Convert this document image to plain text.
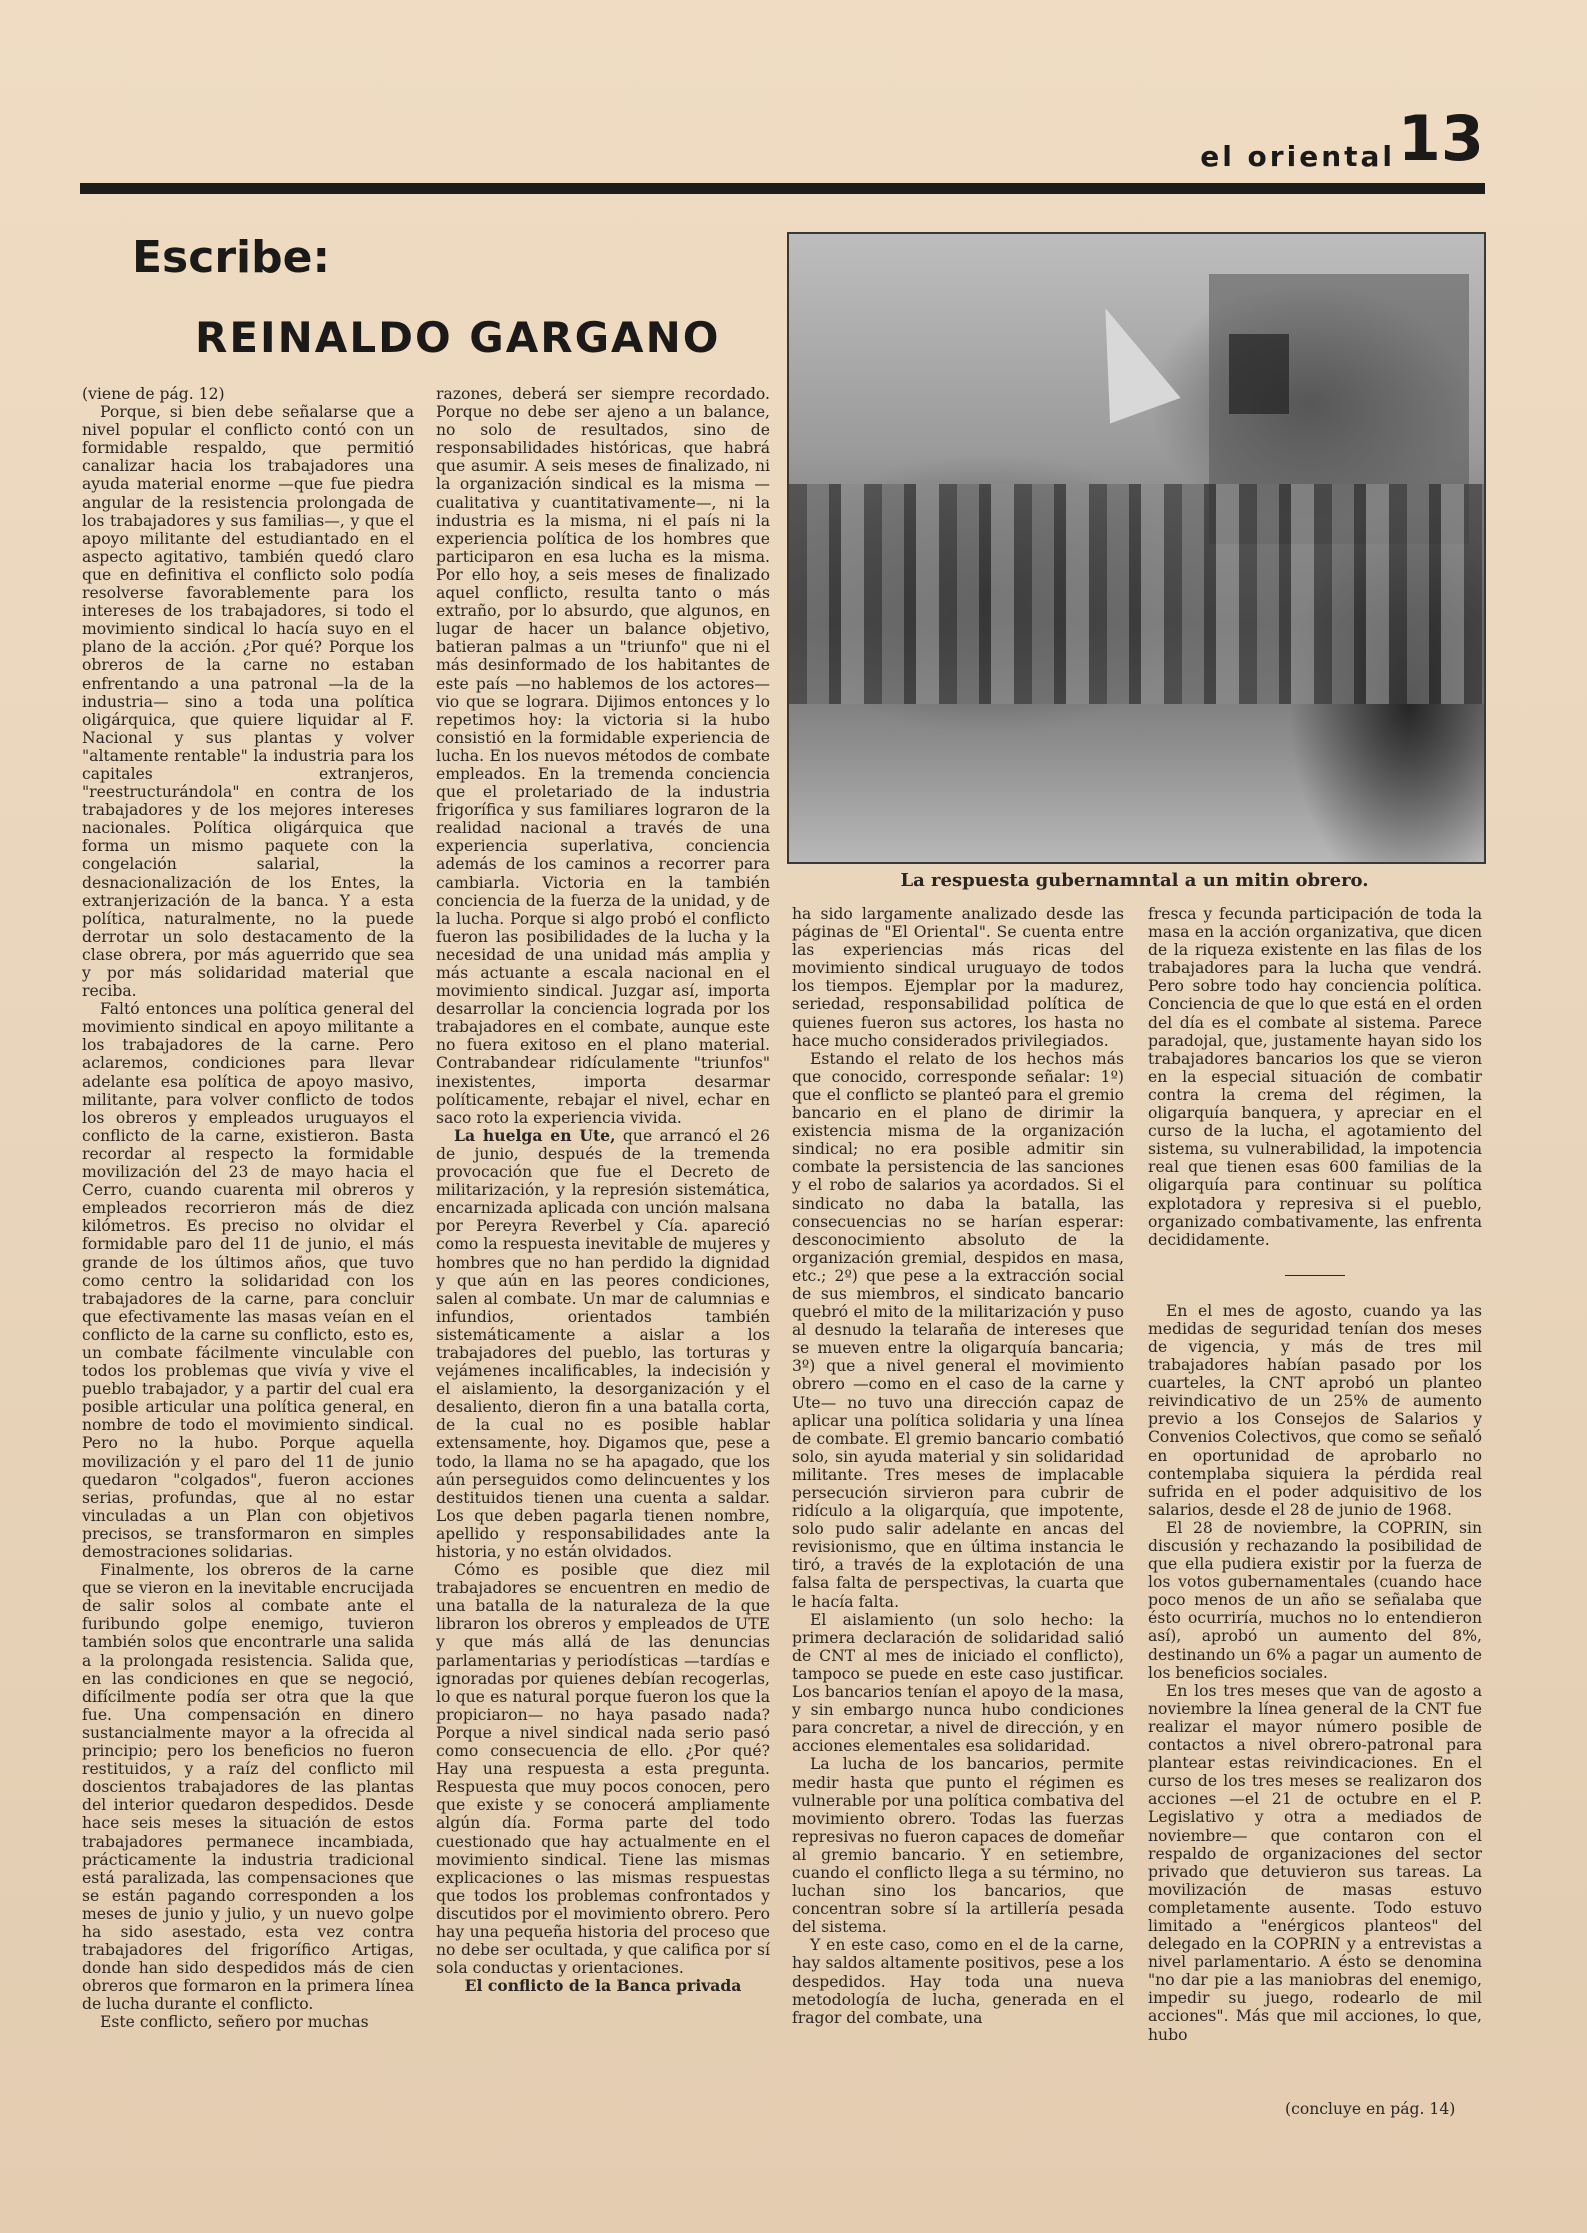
el oriental 13
Escribe:
REINALDO GARGANO
La respuesta gubernamntal a un mitin obrero.

(viene de pág. 12)

Porque, si bien debe señalarse que a nivel popular el conflicto contó con un formidable respaldo, que permitió canalizar hacia los trabajadores una ayuda material enorme —que fue piedra angular de la resistencia prolongada de los trabajadores y sus familias—, y que el apoyo militante del estudiantado en el aspecto agitativo, también quedó claro que en definitiva el conflicto solo podía resolverse favorablemente para los intereses de los trabajadores, si todo el movimiento sindical lo hacía suyo en el plano de la acción. ¿Por qué? Porque los obreros de la carne no estaban enfrentando a una patronal —la de la industria— sino a toda una política oligárquica, que quiere liquidar al F. Nacional y sus plantas y volver "altamente rentable" la industria para los capitales extranjeros, "reestructurándola" en contra de los trabajadores y de los mejores intereses nacionales. Política oligárquica que forma un mismo paquete con la congelación salarial, la desnacionalización de los Entes, la extranjerización de la banca. Y a esta política, naturalmente, no la puede derrotar un solo destacamento de la clase obrera, por más aguerrido que sea y por más solidaridad material que reciba.

Faltó entonces una política general del movimiento sindical en apoyo militante a los trabajadores de la carne. Pero aclaremos, condiciones para llevar adelante esa política de apoyo masivo, militante, para volver conflicto de todos los obreros y empleados uruguayos el conflicto de la carne, existieron. Basta recordar al respecto la formidable movilización del 23 de mayo hacia el Cerro, cuando cuarenta mil obreros y empleados recorrieron más de diez kilómetros. Es preciso no olvidar el formidable paro del 11 de junio, el más grande de los últimos años, que tuvo como centro la solidaridad con los trabajadores de la carne, para concluir que efectivamente las masas veían en el conflicto de la carne su conflicto, esto es, un combate fácilmente vinculable con todos los problemas que vivía y vive el pueblo trabajador, y a partir del cual era posible articular una política general, en nombre de todo el movimiento sindical. Pero no la hubo. Porque aquella movilización y el paro del 11 de junio quedaron "colgados", fueron acciones serias, profundas, que al no estar vinculadas a un Plan con objetivos precisos, se transformaron en simples demostraciones solidarias.

Finalmente, los obreros de la carne que se vieron en la inevitable encrucijada de salir solos al combate ante el furibundo golpe enemigo, tuvieron también solos que encontrarle una salida a la prolongada resistencia. Salida que, en las condiciones en que se negoció, difícilmente podía ser otra que la que fue. Una compensación en dinero sustancialmente mayor a la ofrecida al principio; pero los beneficios no fueron restituidos, y a raíz del conflicto mil doscientos trabajadores de las plantas del interior quedaron despedidos. Desde hace seis meses la situación de estos trabajadores permanece incambiada, prácticamente la industria tradicional está paralizada, las compensaciones que se están pagando corresponden a los meses de junio y julio, y un nuevo golpe ha sido asestado, esta vez contra trabajadores del frigorífico Artigas, donde han sido despedidos más de cien obreros que formaron en la primera línea de lucha durante el conflicto.

Este conflicto, señero por muchas

razones, deberá ser siempre recordado. Porque no debe ser ajeno a un balance, no solo de resultados, sino de responsabilidades históricas, que habrá que asumir. A seis meses de finalizado, ni la organización sindical es la misma —cualitativa y cuantitativamente—, ni la industria es la misma, ni el país ni la experiencia política de los hombres que participaron en esa lucha es la misma. Por ello hoy, a seis meses de finalizado aquel conflicto, resulta tanto o más extraño, por lo absurdo, que algunos, en lugar de hacer un balance objetivo, batieran palmas a un "triunfo" que ni el más desinformado de los habitantes de este país —no hablemos de los actores— vio que se lograra. Dijimos entonces y lo repetimos hoy: la victoria si la hubo consistió en la formidable experiencia de lucha. En los nuevos métodos de combate empleados. En la tremenda conciencia que el proletariado de la industria frigorífica y sus familiares lograron de la realidad nacional a través de una experiencia superlativa, conciencia además de los caminos a recorrer para cambiarla. Victoria en la también conciencia de la fuerza de la unidad, y de la lucha. Porque si algo probó el conflicto fueron las posibilidades de la lucha y la necesidad de una unidad más amplia y más actuante a escala nacional en el movimiento sindical. Juzgar así, importa desarrollar la conciencia lograda por los trabajadores en el combate, aunque este no fuera exitoso en el plano material. Contrabandear ridículamente "triunfos" inexistentes, importa desarmar políticamente, rebajar el nivel, echar en saco roto la experiencia vivida.

La huelga en Ute, que arrancó el 26 de junio, después de la tremenda provocación que fue el Decreto de militarización, y la represión sistemática, encarnizada aplicada con unción malsana por Pereyra Reverbel y Cía. apareció como la respuesta inevitable de mujeres y hombres que no han perdido la dignidad y que aún en las peores condiciones, salen al combate. Un mar de calumnias e infundios, orientados también sistemáticamente a aislar a los trabajadores del pueblo, las torturas y vejámenes incalificables, la indecisión y el aislamiento, la desorganización y el desaliento, dieron fin a una batalla corta, de la cual no es posible hablar extensamente, hoy. Digamos que, pese a todo, la llama no se ha apagado, que los aún perseguidos como delincuentes y los destituidos tienen una cuenta a saldar. Los que deben pagarla tienen nombre, apellido y responsabilidades ante la historia, y no están olvidados.

Cómo es posible que diez mil trabajadores se encuentren en medio de una batalla de la naturaleza de la que libraron los obreros y empleados de UTE y que más allá de las denuncias parlamentarias y periodísticas —tardías e ignoradas por quienes debían recogerlas, lo que es natural porque fueron los que la propiciaron— no haya pasado nada? Porque a nivel sindical nada serio pasó como consecuencia de ello. ¿Por qué? Hay una respuesta a esta pregunta. Respuesta que muy pocos conocen, pero que existe y se conocerá ampliamente algún día. Forma parte del todo cuestionado que hay actualmente en el movimiento sindical. Tiene las mismas explicaciones o las mismas respuestas que todos los problemas confrontados y discutidos por el movimiento obrero. Pero hay una pequeña historia del proceso que no debe ser ocultada, y que califica por sí sola conductas y orientaciones.

El conflicto de la Banca privada

ha sido largamente analizado desde las páginas de "El Oriental". Se cuenta entre las experiencias más ricas del movimiento sindical uruguayo de todos los tiempos. Ejemplar por la madurez, seriedad, responsabilidad política de quienes fueron sus actores, los hasta no hace mucho considerados privilegiados.

Estando el relato de los hechos más que conocido, corresponde señalar: 1º) que el conflicto se planteó para el gremio bancario en el plano de dirimir la existencia misma de la organización sindical; no era posible admitir sin combate la persistencia de las sanciones y el robo de salarios ya acordados. Si el sindicato no daba la batalla, las consecuencias no se harían esperar: desconocimiento absoluto de la organización gremial, despidos en masa, etc.; 2º) que pese a la extracción social de sus miembros, el sindicato bancario quebró el mito de la militarización y puso al desnudo la telaraña de intereses que se mueven entre la oligarquía bancaria; 3º) que a nivel general el movimiento obrero —como en el caso de la carne y Ute— no tuvo una dirección capaz de aplicar una política solidaria y una línea de combate. El gremio bancario combatió solo, sin ayuda material y sin solidaridad militante. Tres meses de implacable persecución sirvieron para cubrir de ridículo a la oligarquía, que impotente, solo pudo salir adelante en ancas del revisionismo, que en última instancia le tiró, a través de la explotación de una falsa falta de perspectivas, la cuarta que le hacía falta.

El aislamiento (un solo hecho: la primera declaración de solidaridad salió de CNT al mes de iniciado el conflicto), tampoco se puede en este caso justificar. Los bancarios tenían el apoyo de la masa, y sin embargo nunca hubo condiciones para concretar, a nivel de dirección, y en acciones elementales esa solidaridad.

La lucha de los bancarios, permite medir hasta que punto el régimen es vulnerable por una política combativa del movimiento obrero. Todas las fuerzas represivas no fueron capaces de domeñar al gremio bancario. Y en setiembre, cuando el conflicto llega a su término, no luchan sino los bancarios, que concentran sobre sí la artillería pesada del sistema.

Y en este caso, como en el de la carne, hay saldos altamente positivos, pese a los despedidos. Hay toda una nueva metodología de lucha, generada en el fragor del combate, una

fresca y fecunda participación de toda la masa en la acción organizativa, que dicen de la riqueza existente en las filas de los trabajadores para la lucha que vendrá. Pero sobre todo hay conciencia política. Conciencia de que lo que está en el orden del día es el combate al sistema. Parece paradojal, que, justamente hayan sido los trabajadores bancarios los que se vieron en la especial situación de combatir contra la crema del régimen, la oligarquía banquera, y apreciar en el curso de la lucha, el agotamiento del sistema, su vulnerabilidad, la impotencia real que tienen esas 600 familias de la oligarquía para continuar su política explotadora y represiva si el pueblo, organizado combativamente, las enfrenta decididamente.

En el mes de agosto, cuando ya las medidas de seguridad tenían dos meses de vigencia, y más de tres mil trabajadores habían pasado por los cuarteles, la CNT aprobó un planteo reivindicativo de un 25% de aumento previo a los Consejos de Salarios y Convenios Colectivos, que como se señaló en oportunidad de aprobarlo no contemplaba siquiera la pérdida real sufrida en el poder adquisitivo de los salarios, desde el 28 de junio de 1968.

El 28 de noviembre, la COPRIN, sin discusión y rechazando la posibilidad de que ella pudiera existir por la fuerza de los votos gubernamentales (cuando hace poco menos de un año se señalaba que ésto ocurriría, muchos no lo entendieron así), aprobó un aumento del 8%, destinando un 6% a pagar un aumento de los beneficios sociales.

En los tres meses que van de agosto a noviembre la línea general de la CNT fue realizar el mayor número posible de contactos a nivel obrero-patronal para plantear estas reivindicaciones. En el curso de los tres meses se realizaron dos acciones —el 21 de octubre en el P. Legislativo y otra a mediados de noviembre— que contaron con el respaldo de organizaciones del sector privado que detuvieron sus tareas. La movilización de masas estuvo completamente ausente. Todo estuvo limitado a "enérgicos planteos" del delegado en la COPRIN y a entrevistas a nivel parlamentario. A ésto se denomina "no dar pie a las maniobras del enemigo, impedir su juego, rodearlo de mil acciones". Más que mil acciones, lo que, hubo

(concluye en pág. 14)
